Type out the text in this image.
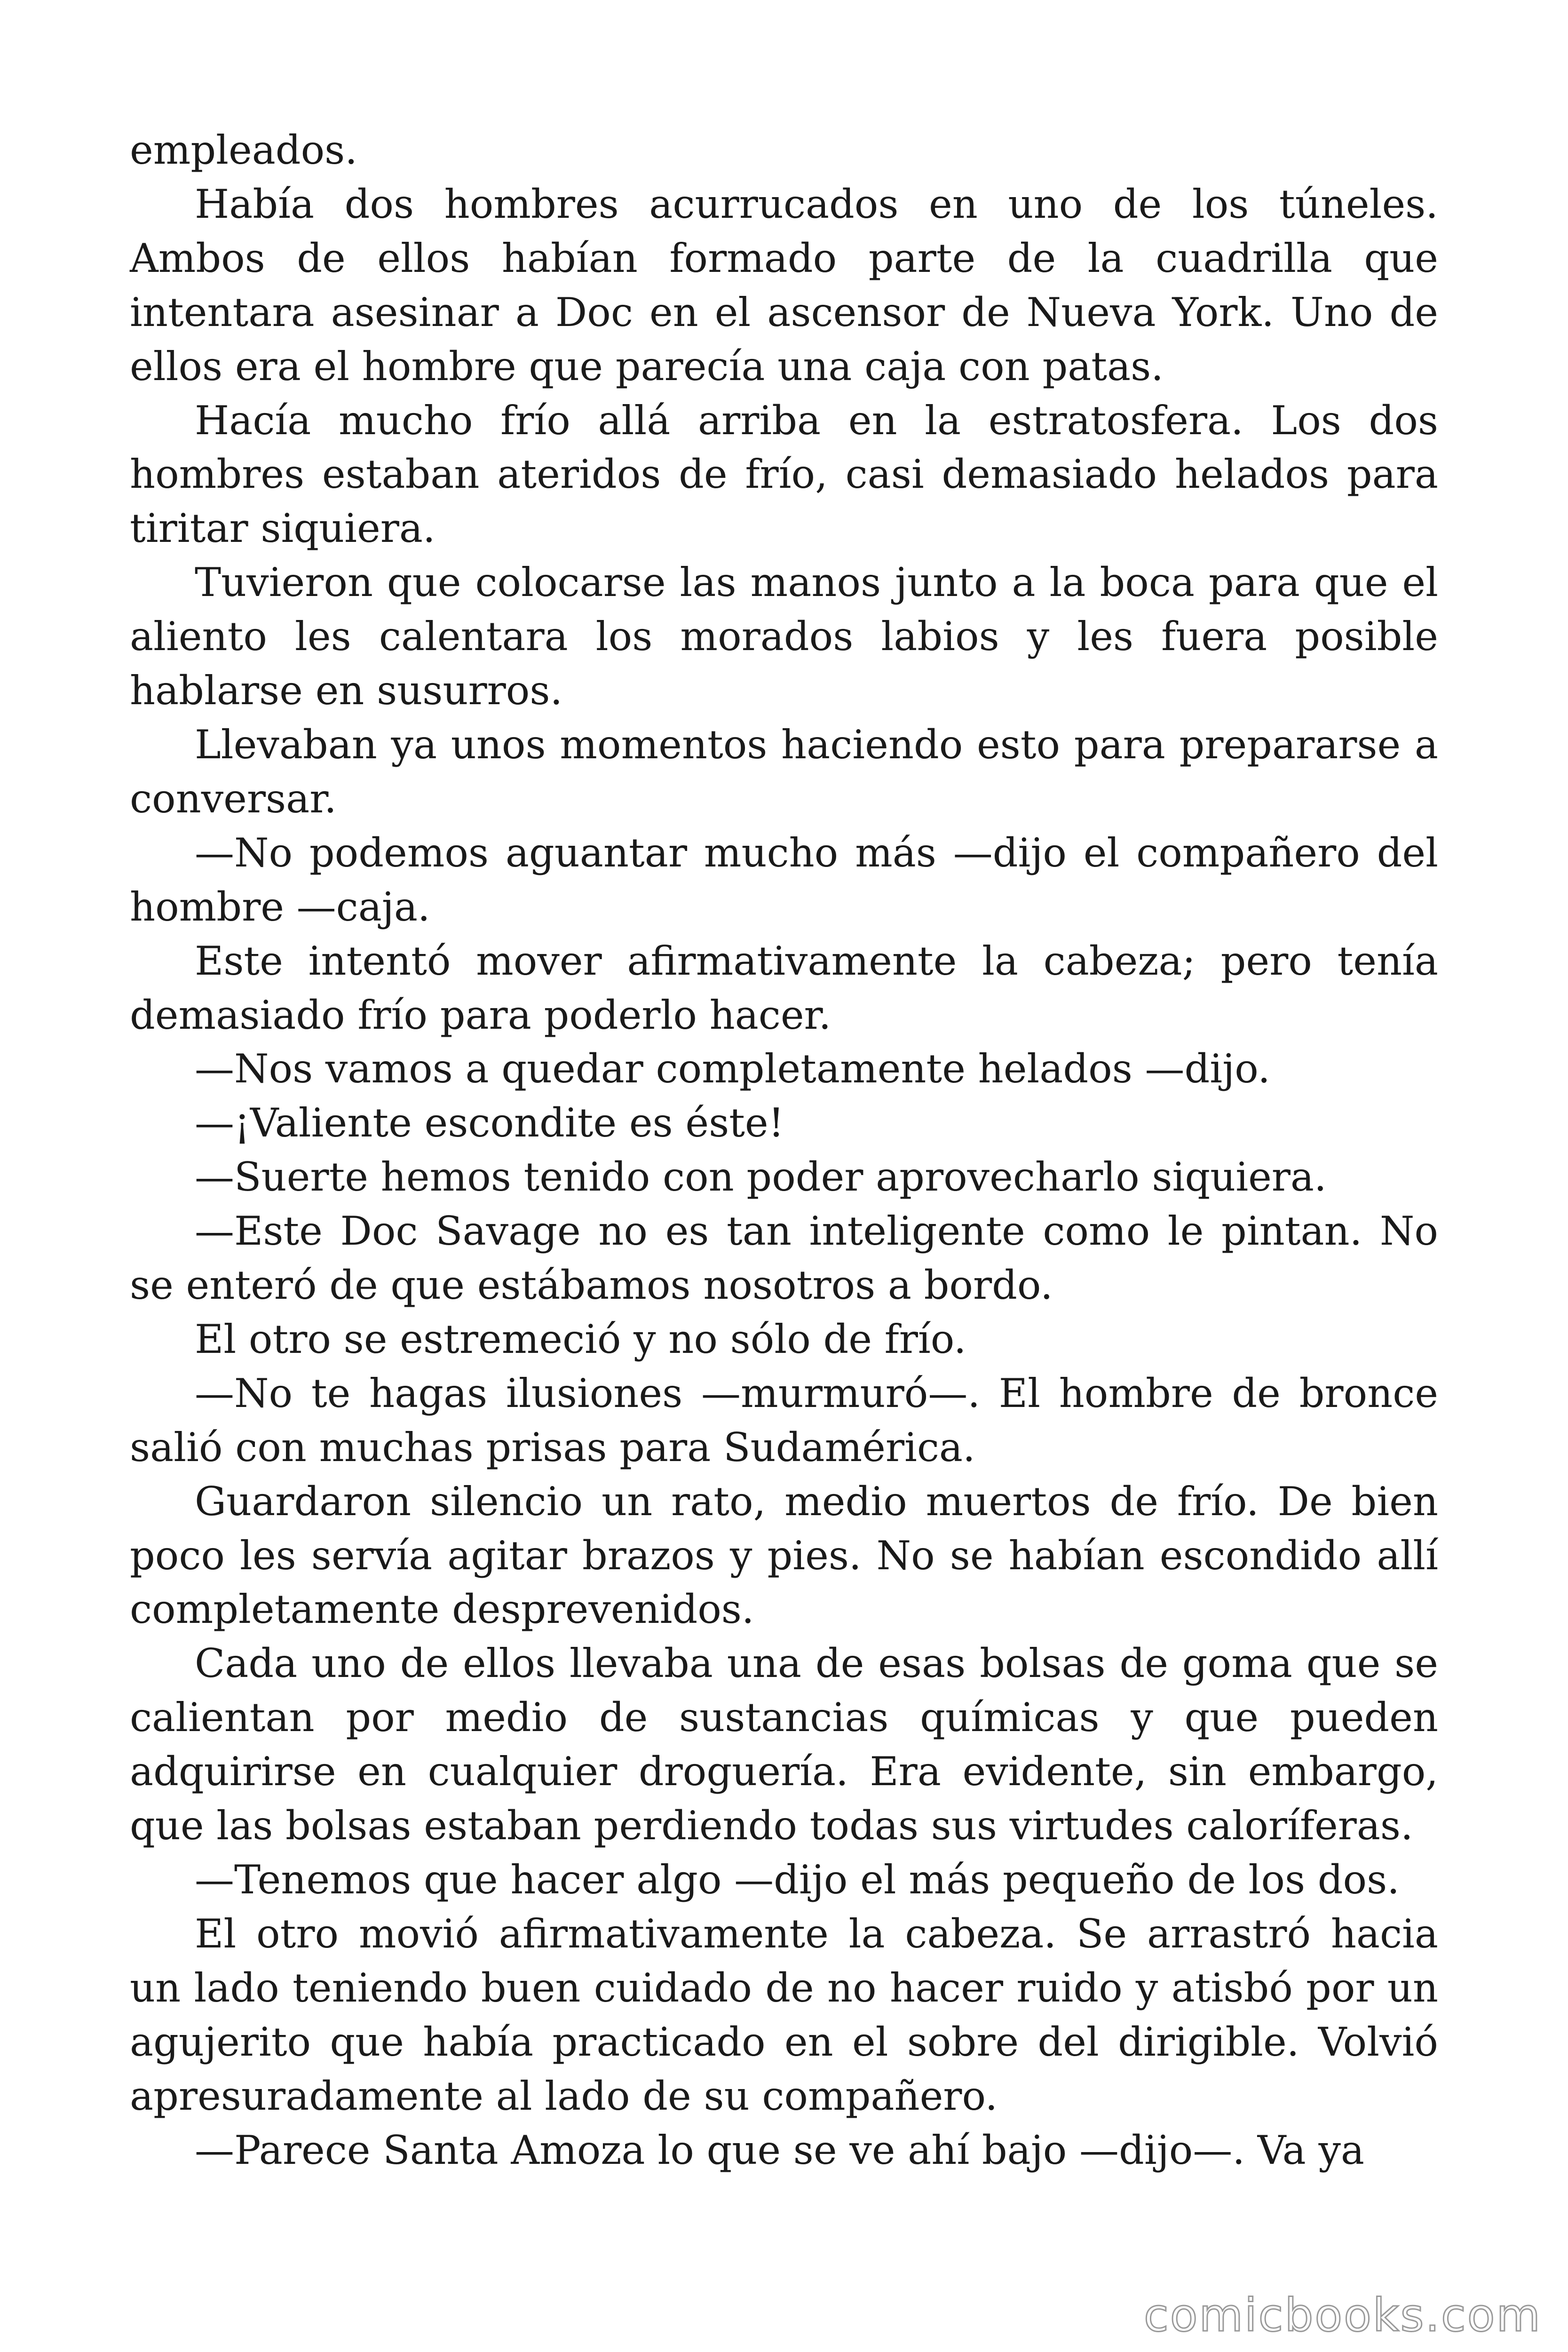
empleados.

Había dos hombres acurrucados en uno de los túneles. Ambos de ellos habían formado parte de la cuadrilla que intentara asesinar a Doc en el ascensor de Nueva York. Uno de ellos era el hombre que parecía una caja con patas.

Hacía mucho frío allá arriba en la estratosfera. Los dos hombres estaban ateridos de frío, casi demasiado helados para tiritar siquiera.

Tuvieron que colocarse las manos junto a la boca para que el aliento les calentara los morados labios y les fuera posible hablarse en susurros.

Llevaban ya unos momentos haciendo esto para prepararse a conversar.

—No podemos aguantar mucho más —dijo el compañero del hombre —caja.

Este intentó mover afirmativamente la cabeza; pero tenía demasiado frío para poderlo hacer.

—Nos vamos a quedar completamente helados —dijo.

—¡Valiente escondite es éste!

—Suerte hemos tenido con poder aprovecharlo siquiera.

—Este Doc Savage no es tan inteligente como le pintan. No se enteró de que estábamos nosotros a bordo.

El otro se estremeció y no sólo de frío.

—No te hagas ilusiones —murmuró—. El hombre de bronce salió con muchas prisas para Sudamérica.

Guardaron silencio un rato, medio muertos de frío. De bien poco les servía agitar brazos y pies. No se habían escondido allí completamente desprevenidos.

Cada uno de ellos llevaba una de esas bolsas de goma que se calientan por medio de sustancias químicas y que pueden adquirirse en cualquier droguería. Era evidente, sin embargo, que las bolsas estaban perdiendo todas sus virtudes caloríferas.

—Tenemos que hacer algo —dijo el más pequeño de los dos.

El otro movió afirmativamente la cabeza. Se arrastró hacia un lado teniendo buen cuidado de no hacer ruido y atisbó por un agujerito que había practicado en el sobre del dirigible. Volvió apresuradamente al lado de su compañero.

—Parece Santa Amoza lo que se ve ahí bajo —dijo—. Va ya

comicbooks.com
